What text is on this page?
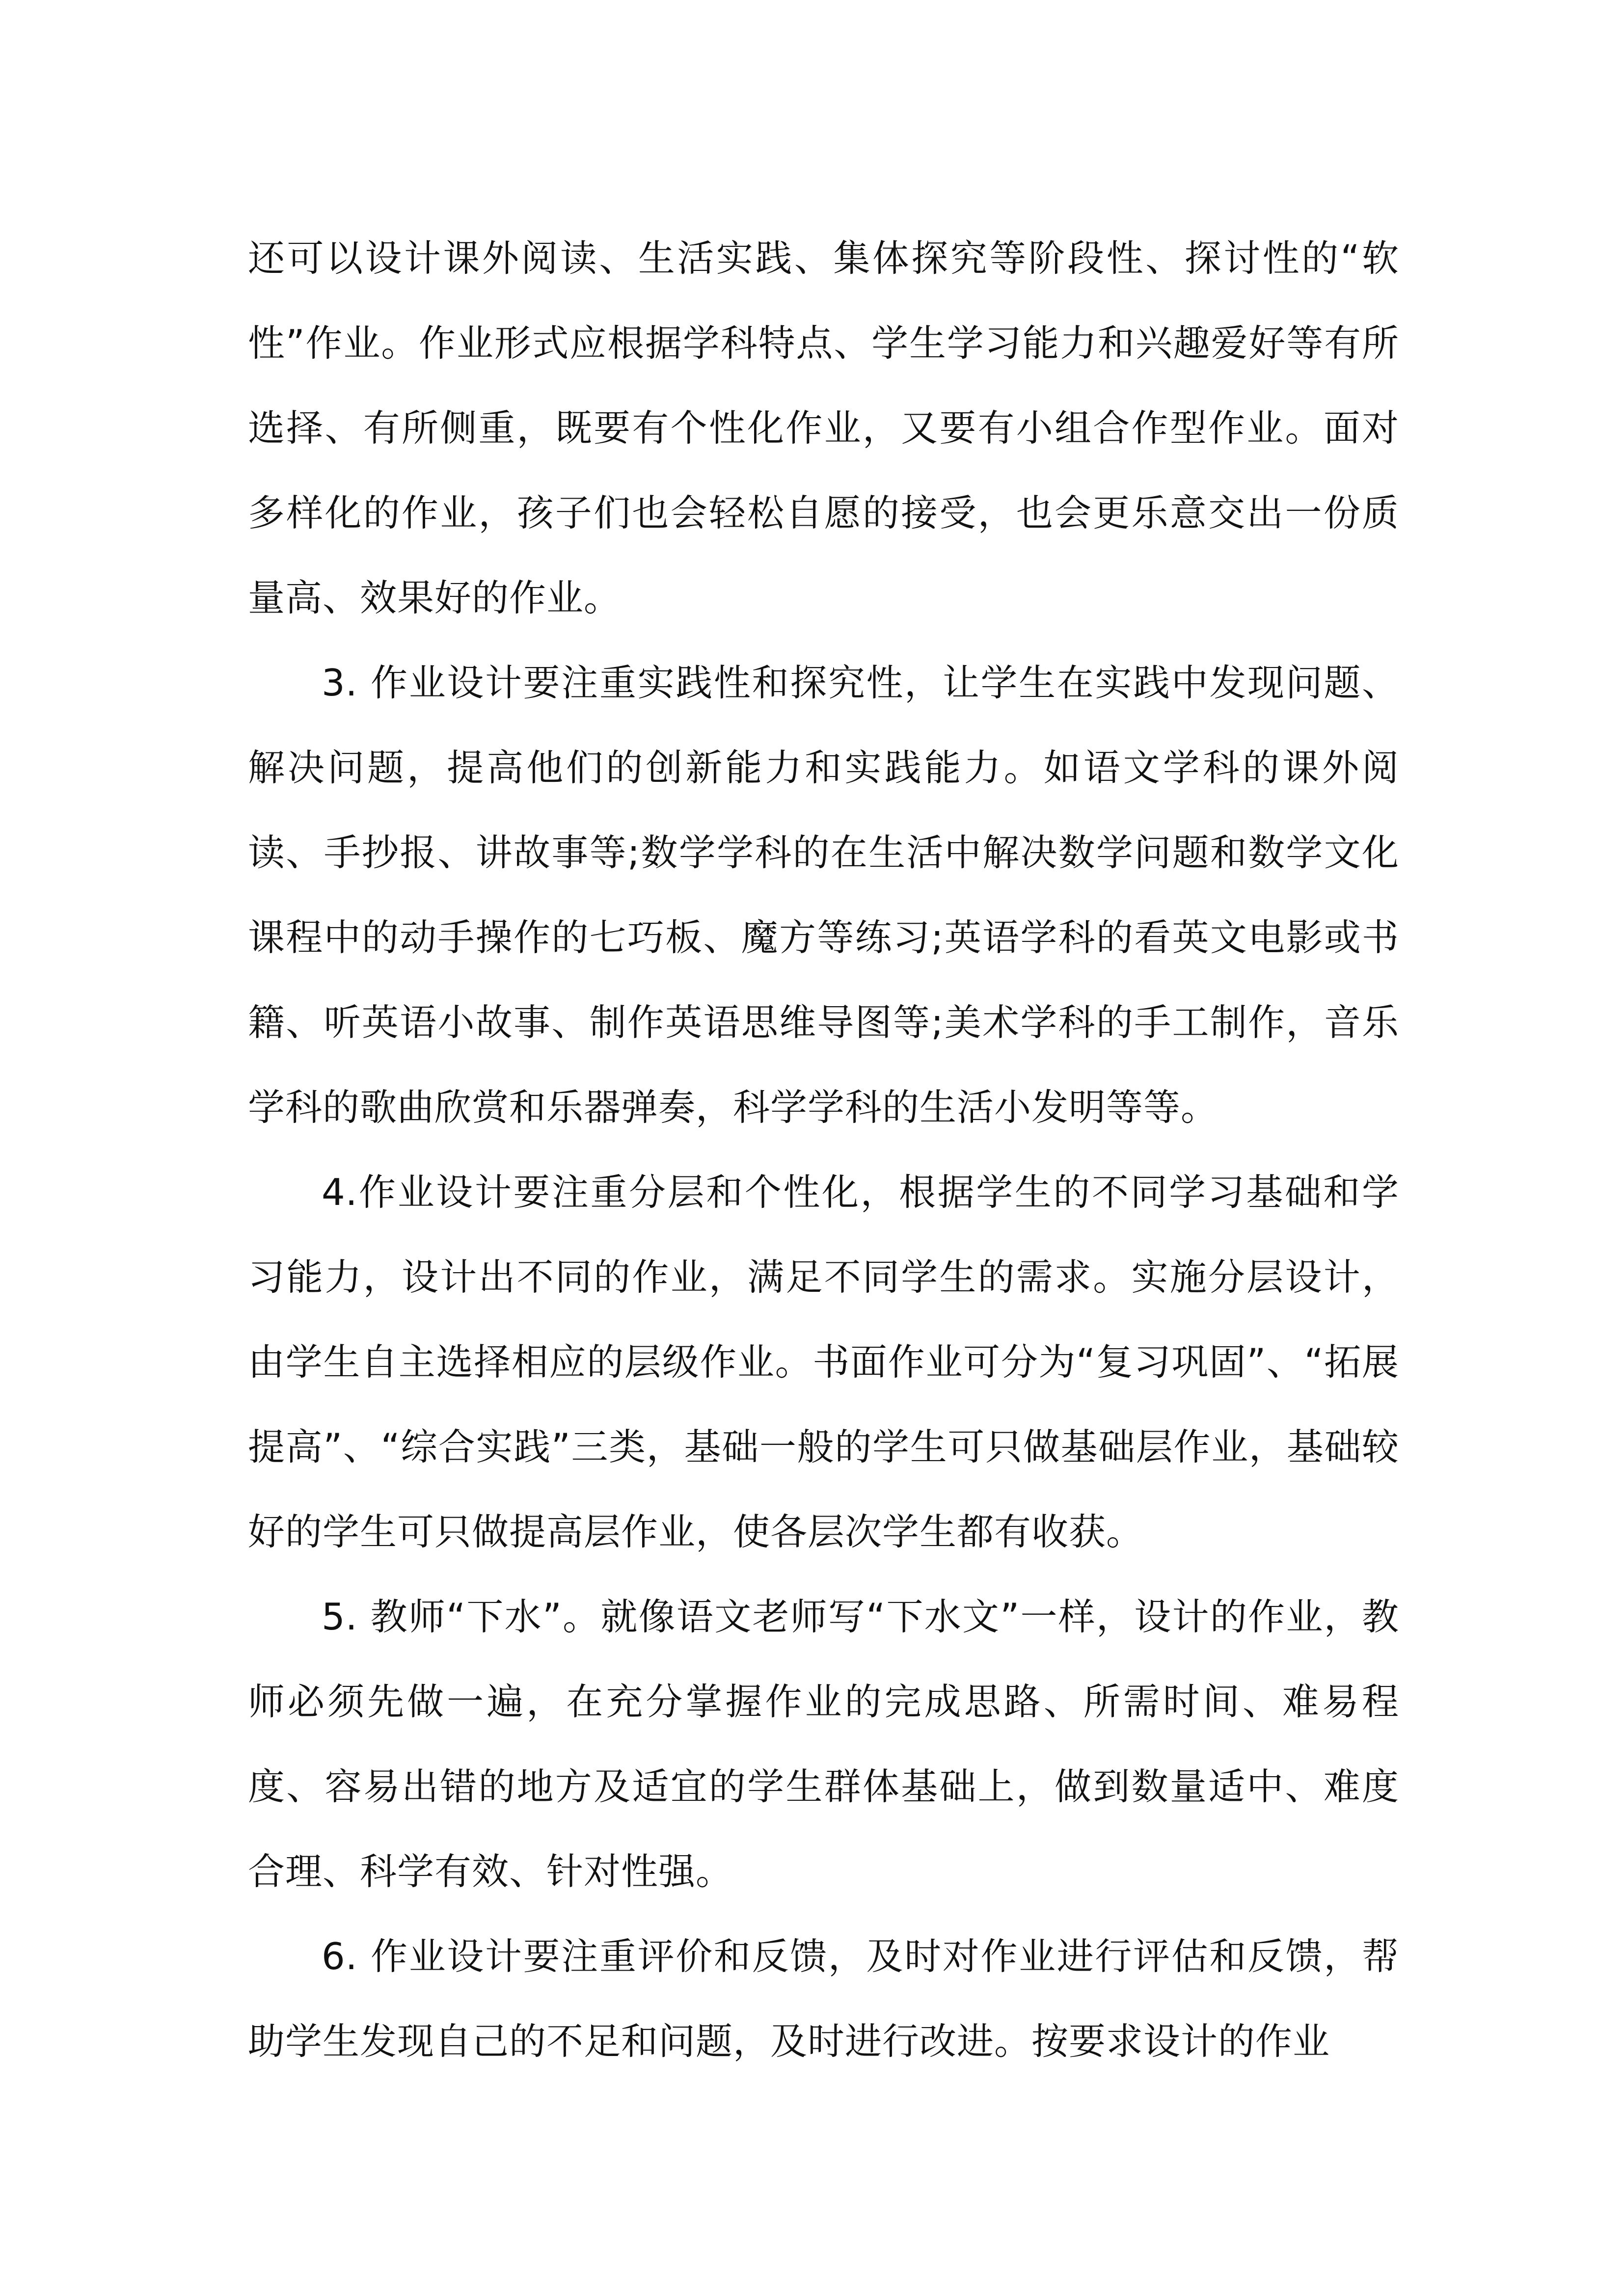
还可以设计课外阅读、生活实践、集体探究等阶段性、探讨性的“软性”作业。作业形式应根据学科特点、学生学习能力和兴趣爱好等有所选择、有所侧重，既要有个性化作业，又要有小组合作型作业。面对多样化的作业，孩子们也会轻松自愿的接受，也会更乐意交出一份质量高、效果好的作业。

3. 作业设计要注重实践性和探究性，让学生在实践中发现问题、解决问题，提高他们的创新能力和实践能力。如语文学科的课外阅读、手抄报、讲故事等;数学学科的在生活中解决数学问题和数学文化课程中的动手操作的七巧板、魔方等练习;英语学科的看英文电影或书籍、听英语小故事、制作英语思维导图等;美术学科的手工制作，音乐学科的歌曲欣赏和乐器弹奏，科学学科的生活小发明等等。

4.作业设计要注重分层和个性化，根据学生的不同学习基础和学习能力，设计出不同的作业，满足不同学生的需求。实施分层设计，由学生自主选择相应的层级作业。书面作业可分为“复习巩固”、“拓展提高”、“综合实践”三类，基础一般的学生可只做基础层作业，基础较好的学生可只做提高层作业，使各层次学生都有收获。

5. 教师“下水”。就像语文老师写“下水文”一样，设计的作业，教师必须先做一遍，在充分掌握作业的完成思路、所需时间、难易程度、容易出错的地方及适宜的学生群体基础上，做到数量适中、难度合理、科学有效、针对性强。

6. 作业设计要注重评价和反馈，及时对作业进行评估和反馈，帮助学生发现自己的不足和问题，及时进行改进。按要求设计的作业
